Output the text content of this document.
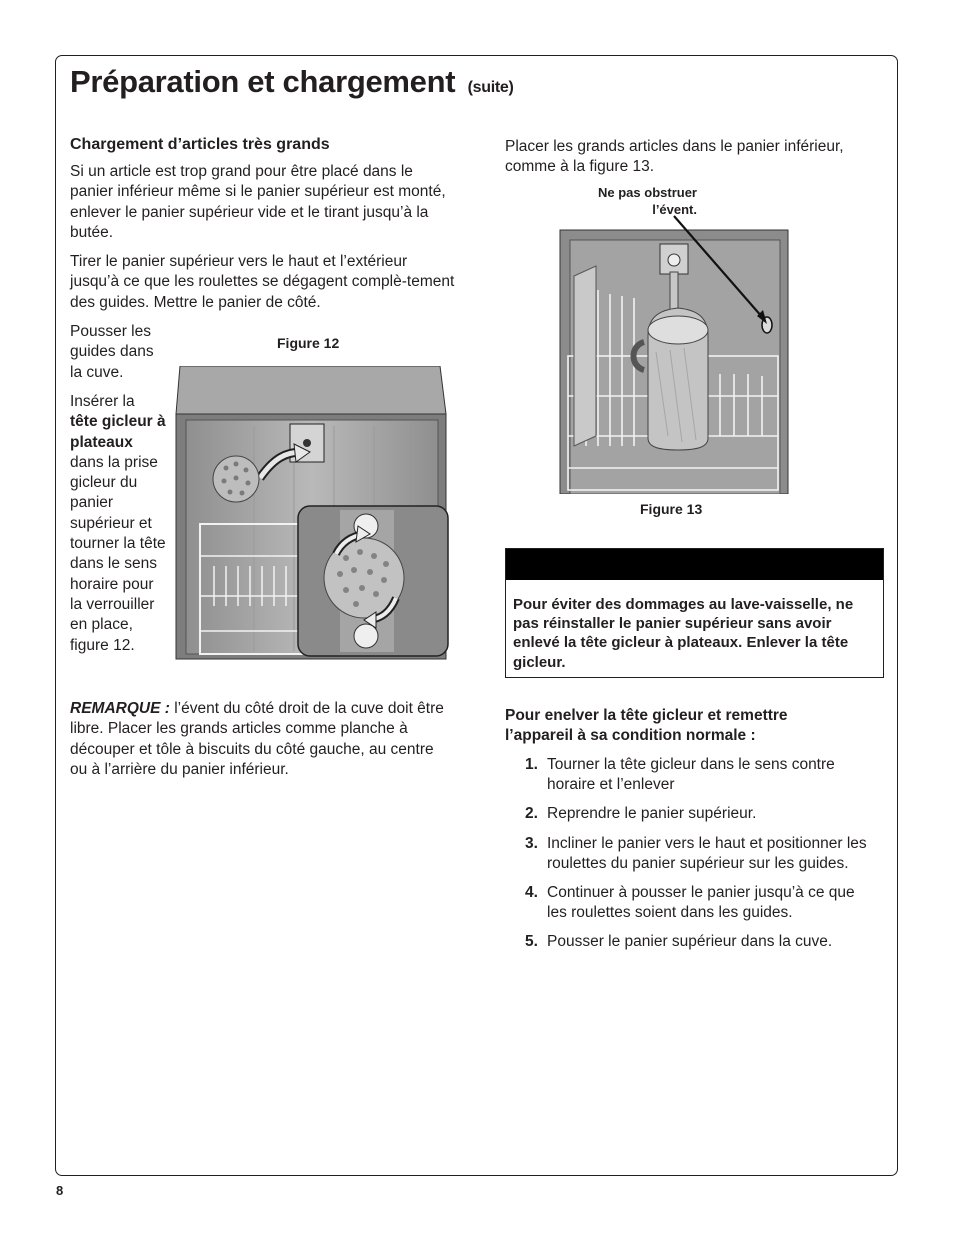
Préparation et chargement (suite)

Chargement d’articles très grands

Si un article est trop grand pour être placé dans le panier inférieur même si le panier supérieur est monté, enlever le panier supérieur vide et le tirant jusqu’à la butée.

Tirer le panier supérieur vers le haut et l’extérieur jusqu’à ce que les roulettes se dégagent complè-tement des guides. Mettre le panier de côté.

Pousser les guides dans la cuve.

Insérer la tête gicleur à plateaux dans la prise gicleur du panier supérieur et tourner la tête dans le sens horaire pour la verrouiller en place, figure 12.

REMARQUE : l’évent du côté droit de la cuve doit être libre. Placer les grands articles comme planche à découper et tôle à biscuits du côté gauche, au centre ou à l’arrière du panier inférieur.

Figure 12

Placer les grands articles dans le panier inférieur, comme à la figure 13.

Ne pas obstruer l’évent.

Figure 13

Pour éviter des dommages au lave-vaisselle, ne pas réinstaller le panier supérieur sans avoir enlevé la tête gicleur à plateaux. Enlever la tête gicleur.

Pour enelver la tête gicleur et remettre l’appareil à sa condition normale :

1. Tourner la tête gicleur dans le sens contre horaire et l’enlever
2. Reprendre le panier supérieur.
3. Incliner le panier vers le haut et positionner les roulettes du panier supérieur sur les guides.
4. Continuer à pousser le panier jusqu’à ce que les roulettes soient dans les guides.
5. Pousser le panier supérieur dans la cuve.

8
